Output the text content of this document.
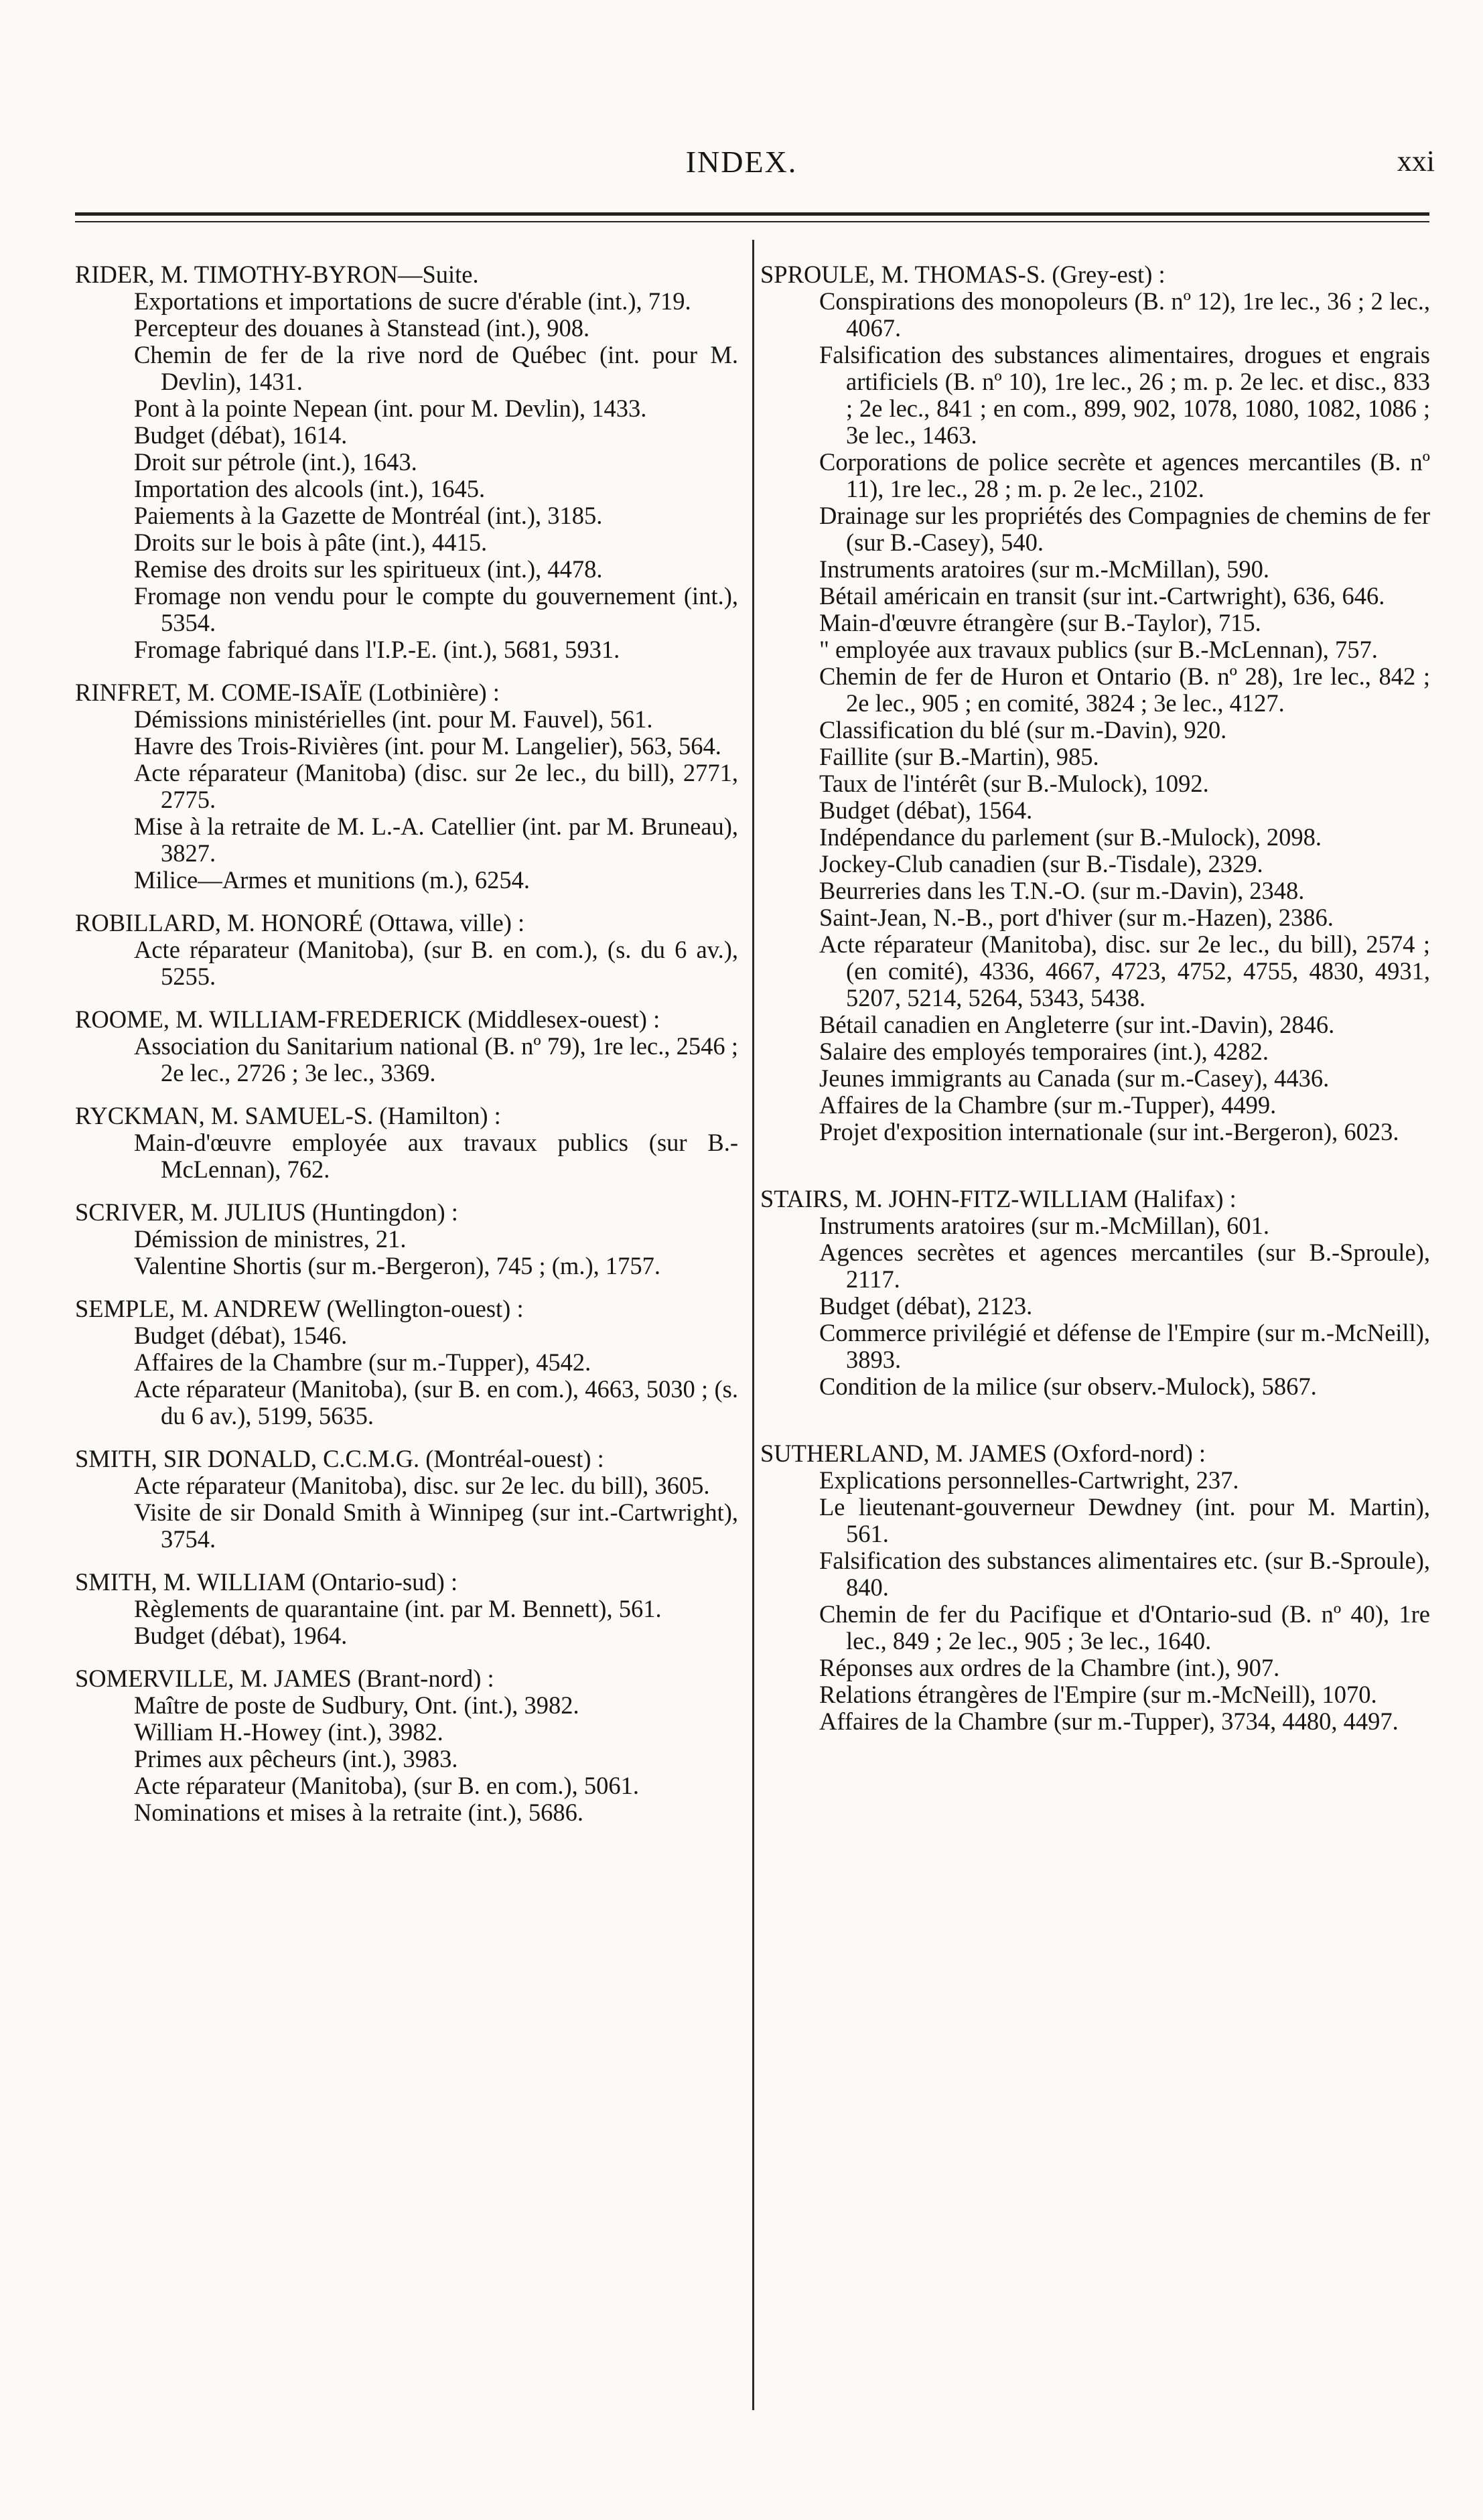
INDEX.	xxi
RIDER, M. TIMOTHY-BYRON—Suite.
Exportations et importations de sucre d'érable (int.), 719.
Percepteur des douanes à Stanstead (int.), 908.
Chemin de fer de la rive nord de Québec (int. pour M. Devlin), 1431.
Pont à la pointe Nepean (int. pour M. Devlin), 1433.
Budget (débat), 1614.
Droit sur pétrole (int.), 1643.
Importation des alcools (int.), 1645.
Paiements à la Gazette de Montréal (int.), 3185.
Droits sur le bois à pâte (int.), 4415.
Remise des droits sur les spiritueux (int.), 4478.
Fromage non vendu pour le compte du gouvernement (int.), 5354.
Fromage fabriqué dans l'I.P.-E. (int.), 5681, 5931.
RINFRET, M. COME-ISAÏE (Lotbinière) :
Démissions ministérielles (int. pour M. Fauvel), 561.
Havre des Trois-Rivières (int. pour M. Langelier), 563, 564.
Acte réparateur (Manitoba) (disc. sur 2e lec., du bill), 2771, 2775.
Mise à la retraite de M. L.-A. Catellier (int. par M. Bruneau), 3827.
Milice—Armes et munitions (m.), 6254.
ROBILLARD, M. HONORÉ (Ottawa, ville) :
Acte réparateur (Manitoba), (sur B. en com.), (s. du 6 av.), 5255.
ROOME, M. WILLIAM-FREDERICK (Middlesex-ouest) :
Association du Sanitarium national (B. nº 79), 1re lec., 2546 ; 2e lec., 2726 ; 3e lec., 3369.
RYCKMAN, M. SAMUEL-S. (Hamilton) :
Main-d'œuvre employée aux travaux publics (sur B.-McLennan), 762.
SCRIVER, M. JULIUS (Huntingdon) :
Démission de ministres, 21.
Valentine Shortis (sur m.-Bergeron), 745 ; (m.), 1757.
SEMPLE, M. ANDREW (Wellington-ouest) :
Budget (débat), 1546.
Affaires de la Chambre (sur m.-Tupper), 4542.
Acte réparateur (Manitoba), (sur B. en com.), 4663, 5030 ; (s. du 6 av.), 5199, 5635.
SMITH, SIR DONALD, C.C.M.G. (Montréal-ouest) :
Acte réparateur (Manitoba), disc. sur 2e lec. du bill), 3605.
Visite de sir Donald Smith à Winnipeg (sur int.-Cartwright), 3754.
SMITH, M. WILLIAM (Ontario-sud) :
Règlements de quarantaine (int. par M. Bennett), 561.
Budget (débat), 1964.
SOMERVILLE, M. JAMES (Brant-nord) :
Maître de poste de Sudbury, Ont. (int.), 3982.
William H.-Howey (int.), 3982.
Primes aux pêcheurs (int.), 3983.
Acte réparateur (Manitoba), (sur B. en com.), 5061.
Nominations et mises à la retraite (int.), 5686.
SPROULE, M. THOMAS-S. (Grey-est) :
Conspirations des monopoleurs (B. nº 12), 1re lec., 36 ; 2 lec., 4067.
Falsification des substances alimentaires, drogues et engrais artificiels (B. nº 10), 1re lec., 26 ; m. p. 2e lec. et disc., 833 ; 2e lec., 841 ; en com., 899, 902, 1078, 1080, 1082, 1086 ; 3e lec., 1463.
Corporations de police secrète et agences mercantiles (B. nº 11), 1re lec., 28 ; m. p. 2e lec., 2102.
Drainage sur les propriétés des Compagnies de chemins de fer (sur B.-Casey), 540.
Instruments aratoires (sur m.-McMillan), 590.
Bétail américain en transit (sur int.-Cartwright), 636, 646.
Main-d'œuvre étrangère (sur B.-Taylor), 715.
" employée aux travaux publics (sur B.-McLennan), 757.
Chemin de fer de Huron et Ontario (B. nº 28), 1re lec., 842 ; 2e lec., 905 ; en comité, 3824 ; 3e lec., 4127.
Classification du blé (sur m.-Davin), 920.
Faillite (sur B.-Martin), 985.
Taux de l'intérêt (sur B.-Mulock), 1092.
Budget (débat), 1564.
Indépendance du parlement (sur B.-Mulock), 2098.
Jockey-Club canadien (sur B.-Tisdale), 2329.
Beurreries dans les T.N.-O. (sur m.-Davin), 2348.
Saint-Jean, N.-B., port d'hiver (sur m.-Hazen), 2386.
Acte réparateur (Manitoba), disc. sur 2e lec., du bill), 2574 ; (en comité), 4336, 4667, 4723, 4752, 4755, 4830, 4931, 5207, 5214, 5264, 5343, 5438.
Bétail canadien en Angleterre (sur int.-Davin), 2846.
Salaire des employés temporaires (int.), 4282.
Jeunes immigrants au Canada (sur m.-Casey), 4436.
Affaires de la Chambre (sur m.-Tupper), 4499.
Projet d'exposition internationale (sur int.-Bergeron), 6023.
STAIRS, M. JOHN-FITZ-WILLIAM (Halifax) :
Instruments aratoires (sur m.-McMillan), 601.
Agences secrètes et agences mercantiles (sur B.-Sproule), 2117.
Budget (débat), 2123.
Commerce privilégié et défense de l'Empire (sur m.-McNeill), 3893.
Condition de la milice (sur observ.-Mulock), 5867.
SUTHERLAND, M. JAMES (Oxford-nord) :
Explications personnelles-Cartwright, 237.
Le lieutenant-gouverneur Dewdney (int. pour M. Martin), 561.
Falsification des substances alimentaires etc. (sur B.-Sproule), 840.
Chemin de fer du Pacifique et d'Ontario-sud (B. nº 40), 1re lec., 849 ; 2e lec., 905 ; 3e lec., 1640.
Réponses aux ordres de la Chambre (int.), 907.
Relations étrangères de l'Empire (sur m.-McNeill), 1070.
Affaires de la Chambre (sur m.-Tupper), 3734, 4480, 4497.
